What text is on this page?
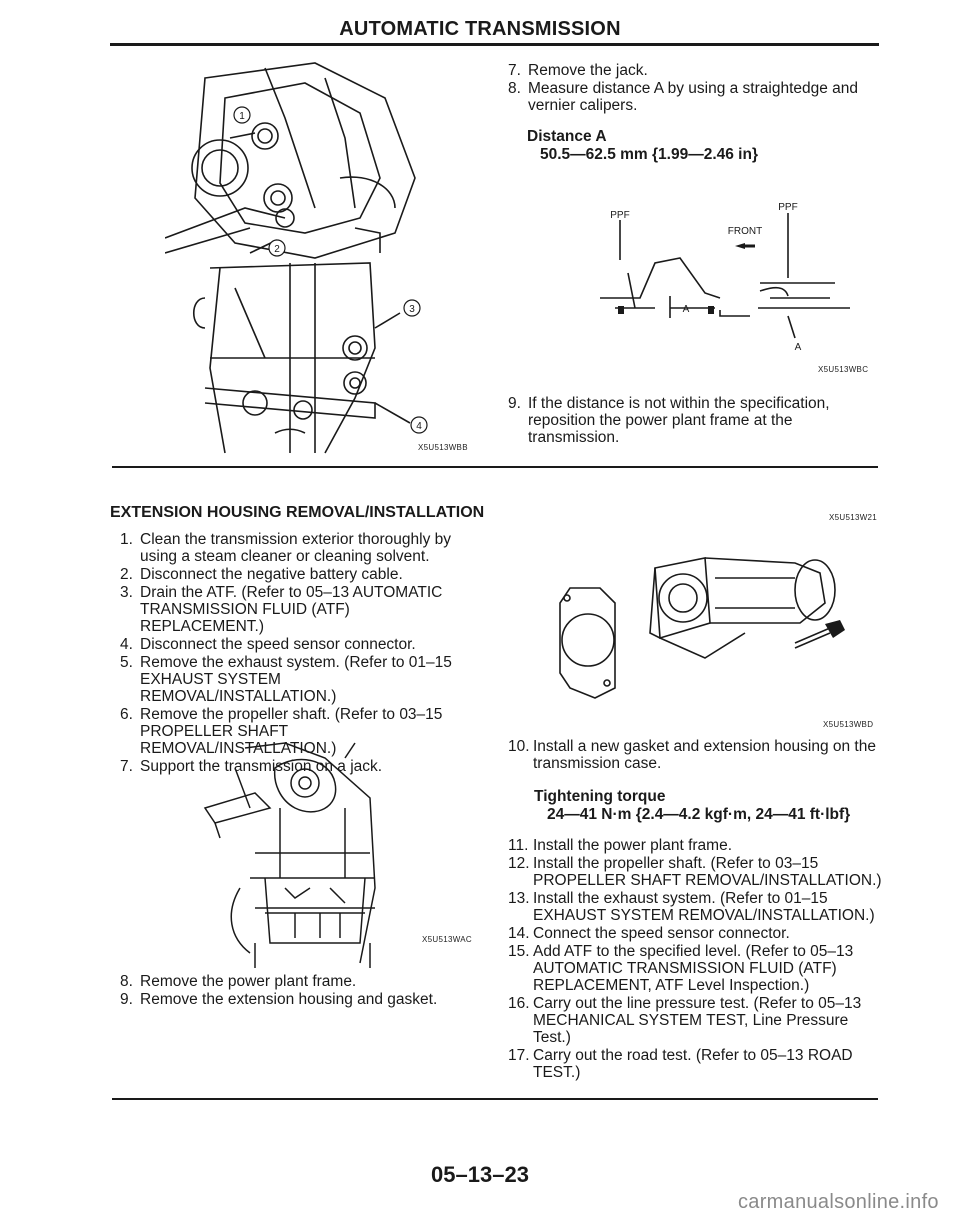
AUTOMATIC TRANSMISSION
1
2
3
4
X5U513WBB
7. Remove the jack.
8. Measure distance A by using a straightedge and vernier calipers.
Distance A
50.5—62.5 mm {1.99—2.46 in}
PPF
PPF
FRONT
A
A
X5U513WBC
9. If the distance is not within the specification, reposition the power plant frame at the transmission.
EXTENSION HOUSING REMOVAL/INSTALLATION
1. Clean the transmission exterior thoroughly by using a steam cleaner or cleaning solvent.
2. Disconnect the negative battery cable.
3. Drain the ATF. (Refer to 05–13 AUTOMATIC TRANSMISSION FLUID (ATF) REPLACEMENT.)
4. Disconnect the speed sensor connector.
5. Remove the exhaust system. (Refer to 01–15 EXHAUST SYSTEM REMOVAL/INSTALLATION.)
6. Remove the propeller shaft. (Refer to 03–15 PROPELLER SHAFT REMOVAL/INSTALLATION.)
7. Support the transmission on a jack.
X5U513WAC
8. Remove the power plant frame.
9. Remove the extension housing and gasket.
X5U513W21
X5U513WBD
10. Install a new gasket and extension housing on the transmission case.
Tightening torque
24—41 N·m {2.4—4.2 kgf·m, 24—41 ft·lbf}
11. Install the power plant frame.
12. Install the propeller shaft. (Refer to 03–15 PROPELLER SHAFT REMOVAL/INSTALLATION.)
13. Install the exhaust system. (Refer to 01–15 EXHAUST SYSTEM REMOVAL/INSTALLATION.)
14. Connect the speed sensor connector.
15. Add ATF to the specified level. (Refer to 05–13 AUTOMATIC TRANSMISSION FLUID (ATF) REPLACEMENT, ATF Level Inspection.)
16. Carry out the line pressure test. (Refer to 05–13 MECHANICAL SYSTEM TEST, Line Pressure Test.)
17. Carry out the road test. (Refer to 05–13 ROAD TEST.)
05–13–23
carmanualsonline.info
